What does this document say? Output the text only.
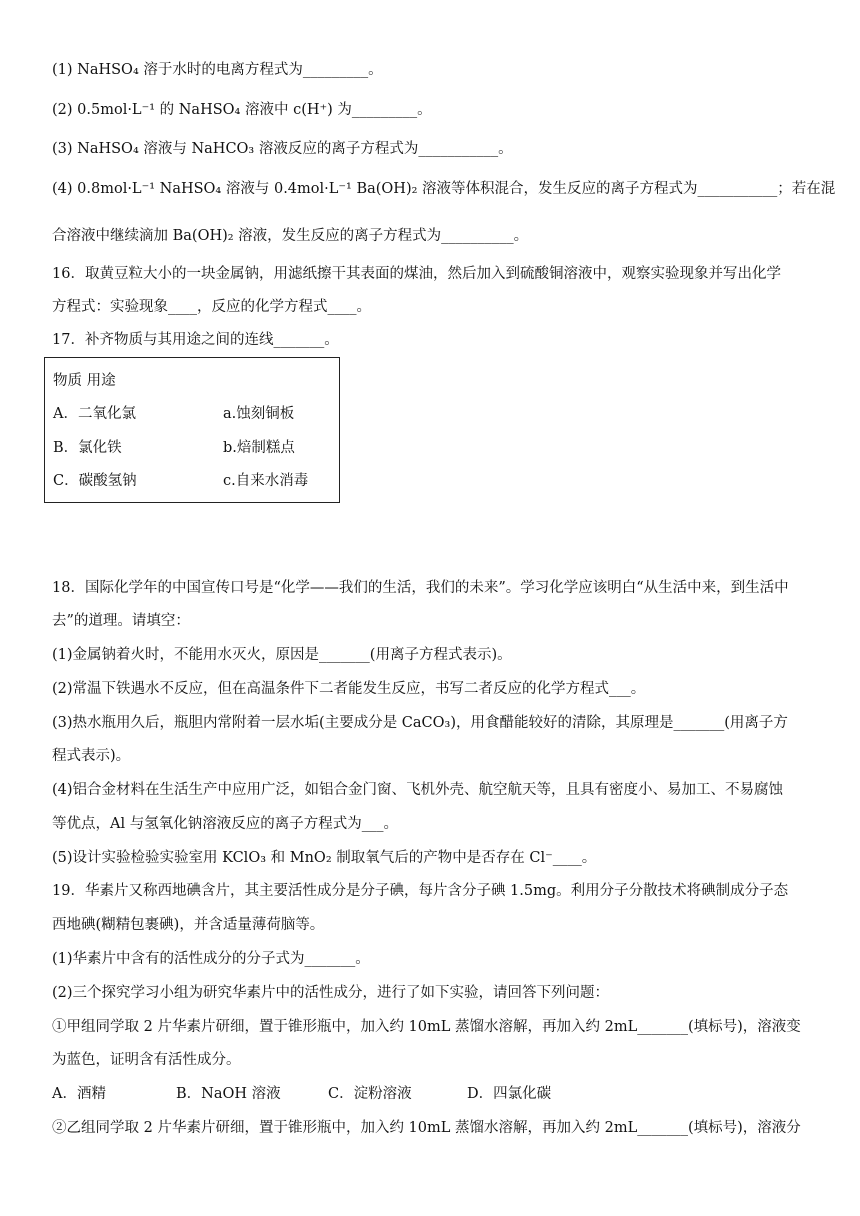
(1) NaHSO₄ 溶于水时的电离方程式为_________。
(2) 0.5mol·L⁻¹ 的 NaHSO₄ 溶液中 c(H⁺) 为_________。
(3) NaHSO₄ 溶液与 NaHCO₃ 溶液反应的离子方程式为___________。
(4) 0.8mol·L⁻¹ NaHSO₄ 溶液与 0.4mol·L⁻¹ Ba(OH)₂ 溶液等体积混合，发生反应的离子方程式为___________；若在混
合溶液中继续滴加 Ba(OH)₂ 溶液，发生反应的离子方程式为__________。
16．取黄豆粒大小的一块金属钠，用滤纸擦干其表面的煤油，然后加入到硫酸铜溶液中，观察实验现象并写出化学
方程式：实验现象____，反应的化学方程式____。
17．补齐物质与其用途之间的连线_______。
物质 用途
A．二氧化氯	a.蚀刻铜板
B．氯化铁	b.焙制糕点
C．碳酸氢钠	c.自来水消毒
18．国际化学年的中国宣传口号是“化学——我们的生活，我们的未来”。学习化学应该明白“从生活中来，到生活中
去”的道理。请填空：
(1)金属钠着火时，不能用水灭火，原因是_______(用离子方程式表示)。
(2)常温下铁遇水不反应，但在高温条件下二者能发生反应，书写二者反应的化学方程式___。
(3)热水瓶用久后，瓶胆内常附着一层水垢(主要成分是 CaCO₃)，用食醋能较好的清除，其原理是_______(用离子方
程式表示)。
(4)铝合金材料在生活生产中应用广泛，如铝合金门窗、飞机外壳、航空航天等，且具有密度小、易加工、不易腐蚀
等优点，Al 与氢氧化钠溶液反应的离子方程式为___。
(5)设计实验检验实验室用 KClO₃ 和 MnO₂ 制取氧气后的产物中是否存在 Cl⁻____。
19．华素片又称西地碘含片，其主要活性成分是分子碘，每片含分子碘 1.5mg。利用分子分散技术将碘制成分子态
西地碘(糊精包裹碘)，并含适量薄荷脑等。
(1)华素片中含有的活性成分的分子式为_______。
(2)三个探究学习小组为研究华素片中的活性成分，进行了如下实验，请回答下列问题：
①甲组同学取 2 片华素片研细，置于锥形瓶中，加入约 10mL 蒸馏水溶解，再加入约 2mL_______(填标号)，溶液变
为蓝色，证明含有活性成分。
A．酒精	B．NaOH 溶液	C．淀粉溶液	D．四氯化碳
②乙组同学取 2 片华素片研细，置于锥形瓶中，加入约 10mL 蒸馏水溶解，再加入约 2mL_______(填标号)，溶液分
